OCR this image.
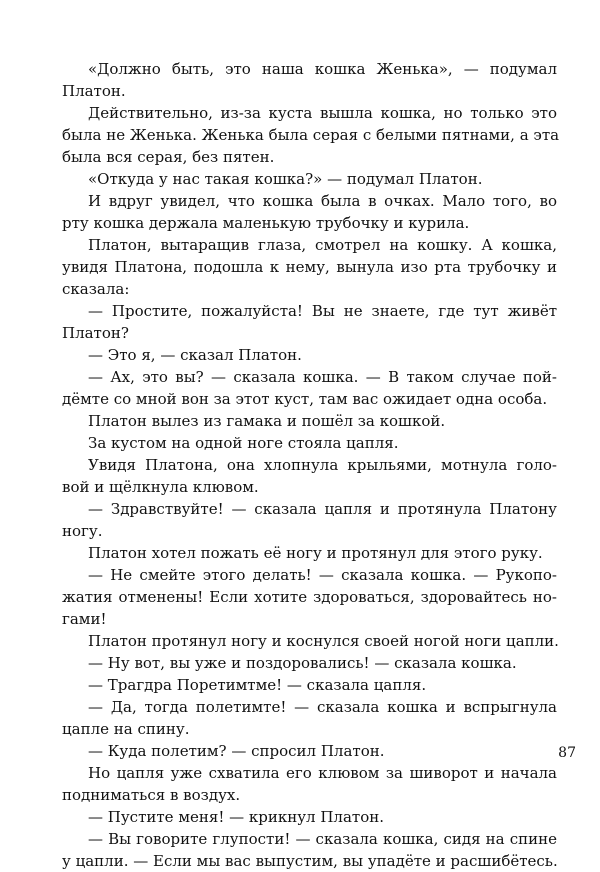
«Должно быть, это наша кошка Женька», — подумал
Платон.
Действительно, из-за куста вышла кошка, но только это
была не Женька. Женька была серая с белыми пятнами, а эта
была вся серая, без пятен.
«Откуда у нас такая кошка?» — подумал Платон.
И вдруг увидел, что кошка была в очках. Мало того, во
рту кошка держала маленькую трубочку и курила.
Платон, вытаращив глаза, смотрел на кошку. А кошка,
увидя Платона, подошла к нему, вынула изо рта трубочку и
сказала:
— Простите, пожалуйста! Вы не знаете, где тут живёт
Платон?
— Это я, — сказал Платон.
— Ах, это вы? — сказала кошка. — В таком случае пой-
дёмте со мной вон за этот куст, там вас ожидает одна особа.
Платон вылез из гамака и пошёл за кошкой.
За кустом на одной ноге стояла цапля.
Увидя Платона, она хлопнула крыльями, мотнула голо-
вой и щёлкнула клювом.
— Здравствуйте! — сказала цапля и протянула Платону
ногу.
Платон хотел пожать её ногу и протянул для этого руку.
— Не смейте этого делать! — сказала кошка. — Рукопо-
жатия отменены! Если хотите здороваться, здоровайтесь но-
гами!
Платон протянул ногу и коснулся своей ногой ноги цапли.
— Ну вот, вы уже и поздоровались! — сказала кошка.
— Трагдра Поретимтме! — сказала цапля.
— Да, тогда полетимте! — сказала кошка и вспрыгнула
цапле на спину.
— Куда полетим? — спросил Платон.
Но цапля уже схватила его клювом за шиворот и начала
подниматься в воздух.
— Пустите меня! — крикнул Платон.
— Вы говорите глупости! — сказала кошка, сидя на спине
у цапли. — Если мы вас выпустим, вы упадёте и расшибётесь.
87
